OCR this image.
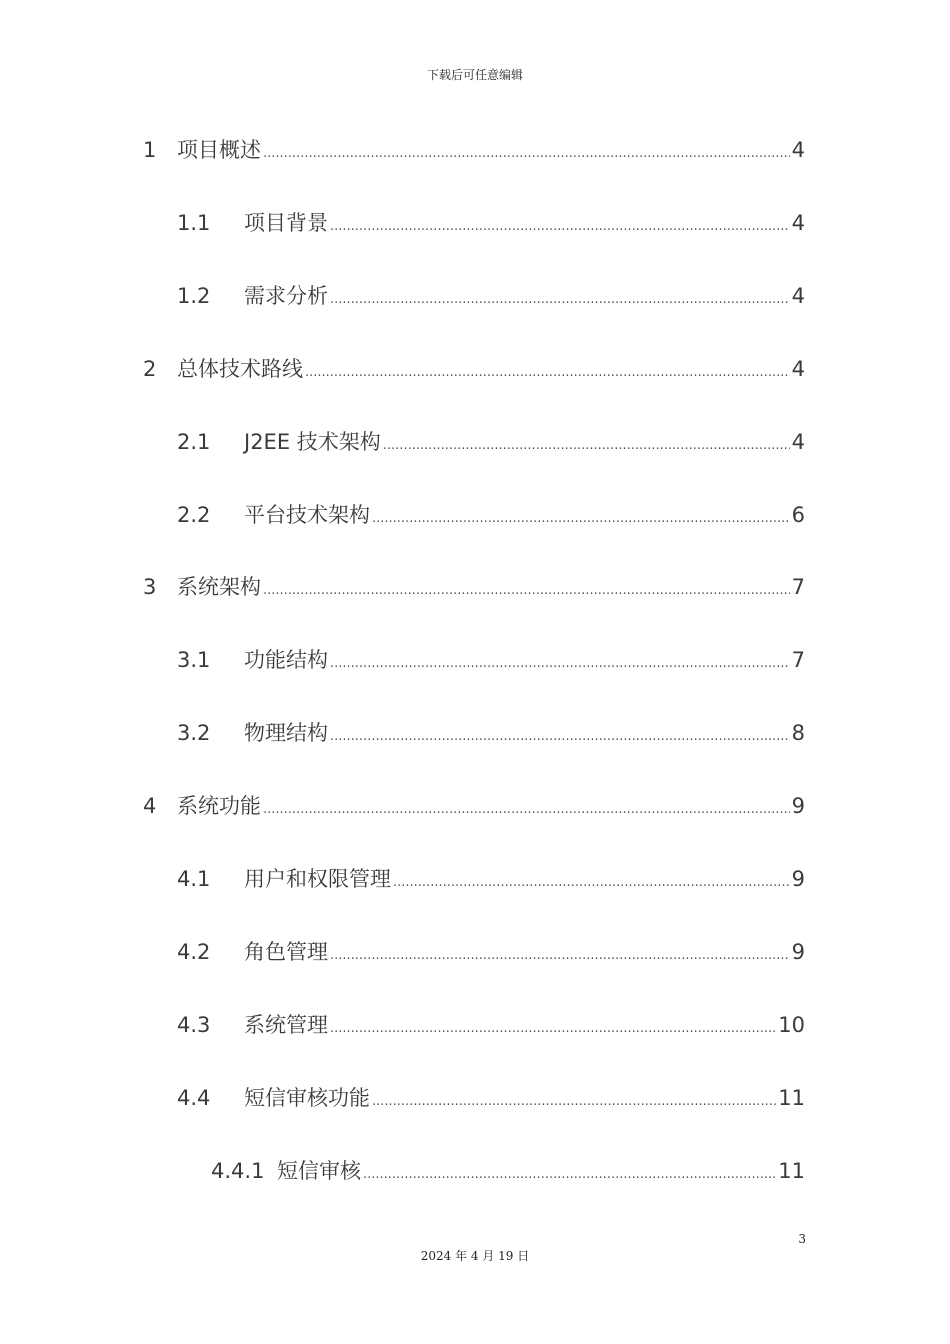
下载后可任意编辑
1 项目概述 .....	4
1.1	项目背景 .....	4
1.2	需求分析 .....	4
2 总体技术路线 .....	4
2.1	J2EE 技术架构 .....	4
2.2	平台技术架构 .....	6
3 系统架构 .....	7
3.1	功能结构 .....	7
3.2	物理结构 .....	8
4 系统功能 .....	9
4.1	用户和权限管理 .....	9
4.2	角色管理 .....	9
4.3	系统管理 .....	10
4.4	短信审核功能 .....	11
4.4.1 短信审核 .....	11
3
2024 年 4 月 19 日
